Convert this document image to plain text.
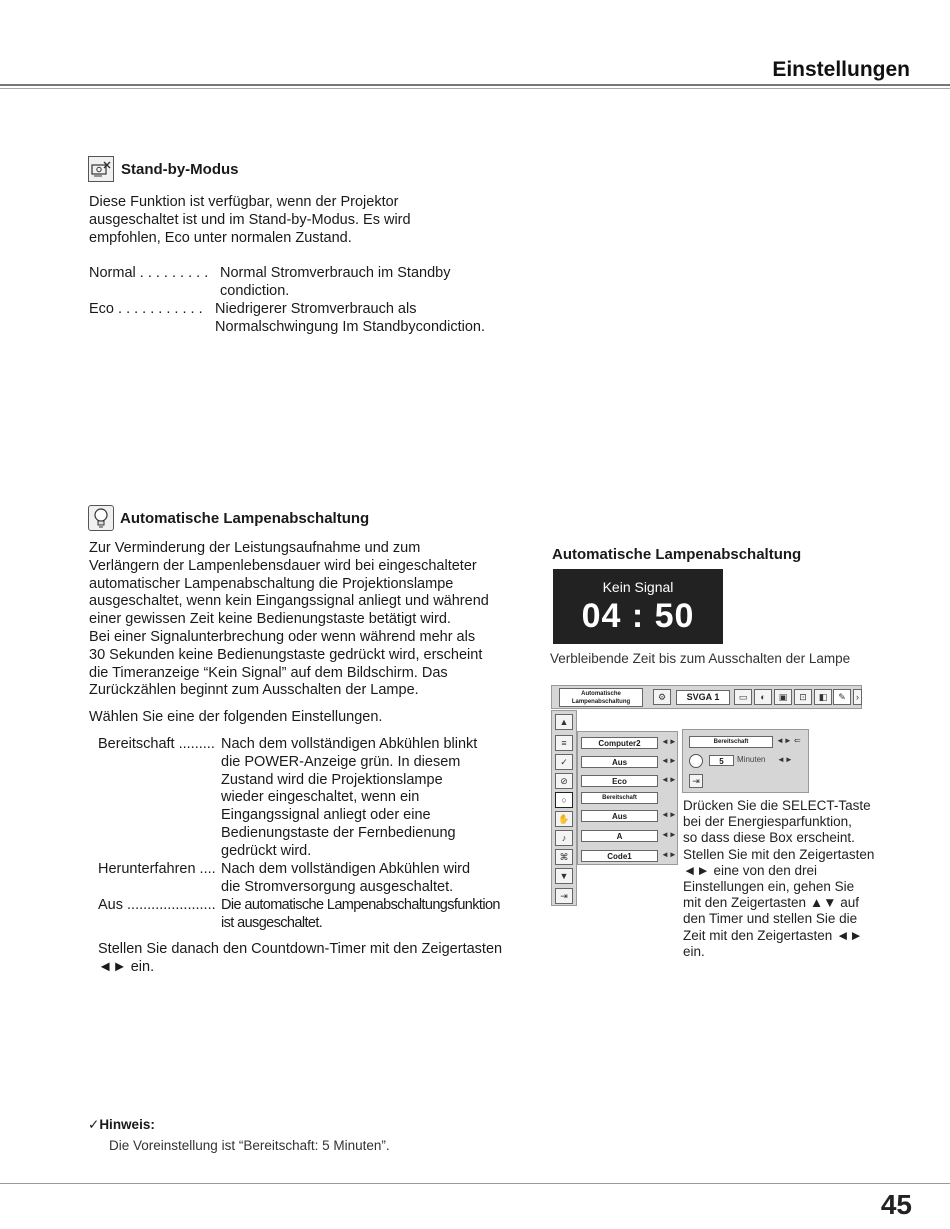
Einstellungen
Stand-by-Modus
Diese Funktion ist verfügbar, wenn der Projektor
ausgeschaltet ist und im Stand-by-Modus. Es wird
empfohlen, Eco unter normalen Zustand.
Normal . . . . . . . . . Normal Stromverbrauch im Standby
condiction.
Eco . . . . . . . . . . . Niedrigerer Stromverbrauch als
Normalschwingung Im Standbycondiction.
Automatische Lampenabschaltung
Zur Verminderung der Leistungsaufnahme und zum
Verlängern der Lampenlebensdauer wird bei eingeschalteter
automatischer Lampenabschaltung die Projektionslampe
ausgeschaltet, wenn kein Eingangssignal anliegt und während
einer gewissen Zeit keine Bedienungstaste betätigt wird.
Bei einer Signalunterbrechung oder wenn während mehr als
30 Sekunden keine Bedienungstaste gedrückt wird, erscheint
die Timeranzeige “Kein Signal” auf dem Bildschirm. Das
Zurückzählen beginnt zum Ausschalten der Lampe.
Wählen Sie eine der folgenden Einstellungen.
Bereitschaft ......... Nach dem vollständigen Abkühlen blinkt
die POWER-Anzeige grün. In diesem
Zustand wird die Projektionslampe
wieder eingeschaltet, wenn ein
Eingangssignal anliegt oder eine
Bedienungstaste der Fernbedienung
gedrückt wird.
Herunterfahren .... Nach dem vollständigen Abkühlen wird
die Stromversorgung ausgeschaltet.
Aus ...................... Die automatische Lampenabschaltungsfunktion
ist ausgeschaltet.
Stellen Sie danach den Countdown-Timer mit den Zeigertasten
◄► ein.
Automatische Lampenabschaltung
Kein Signal
04 : 50
Verbleibende Zeit bis zum Ausschalten der Lampe
Automatische
Lampenabschaltung
⚙	SVGA 1	▭	◐	▣	⊡	◧	✎	›
▲
≡
✓
⊘
○
✋
♪
⌘
▼
⇥
Computer2	◄►
Aus	◄►
Eco	◄►
Bereitschaft
Aus	◄►
A	◄►
Code1	◄►
Bereitschaft	◄► ⇐
5	Minuten ◄►
⇥
Drücken Sie die SELECT-Taste
bei der Energiesparfunktion,
so dass diese Box erscheint.
Stellen Sie mit den Zeigertasten
◄► eine von den drei
Einstellungen ein, gehen Sie
mit den Zeigertasten ▲▼ auf
den Timer und stellen Sie die
Zeit mit den Zeigertasten ◄►
ein.
✓Hinweis:
Die Voreinstellung ist “Bereitschaft: 5 Minuten”.
45
